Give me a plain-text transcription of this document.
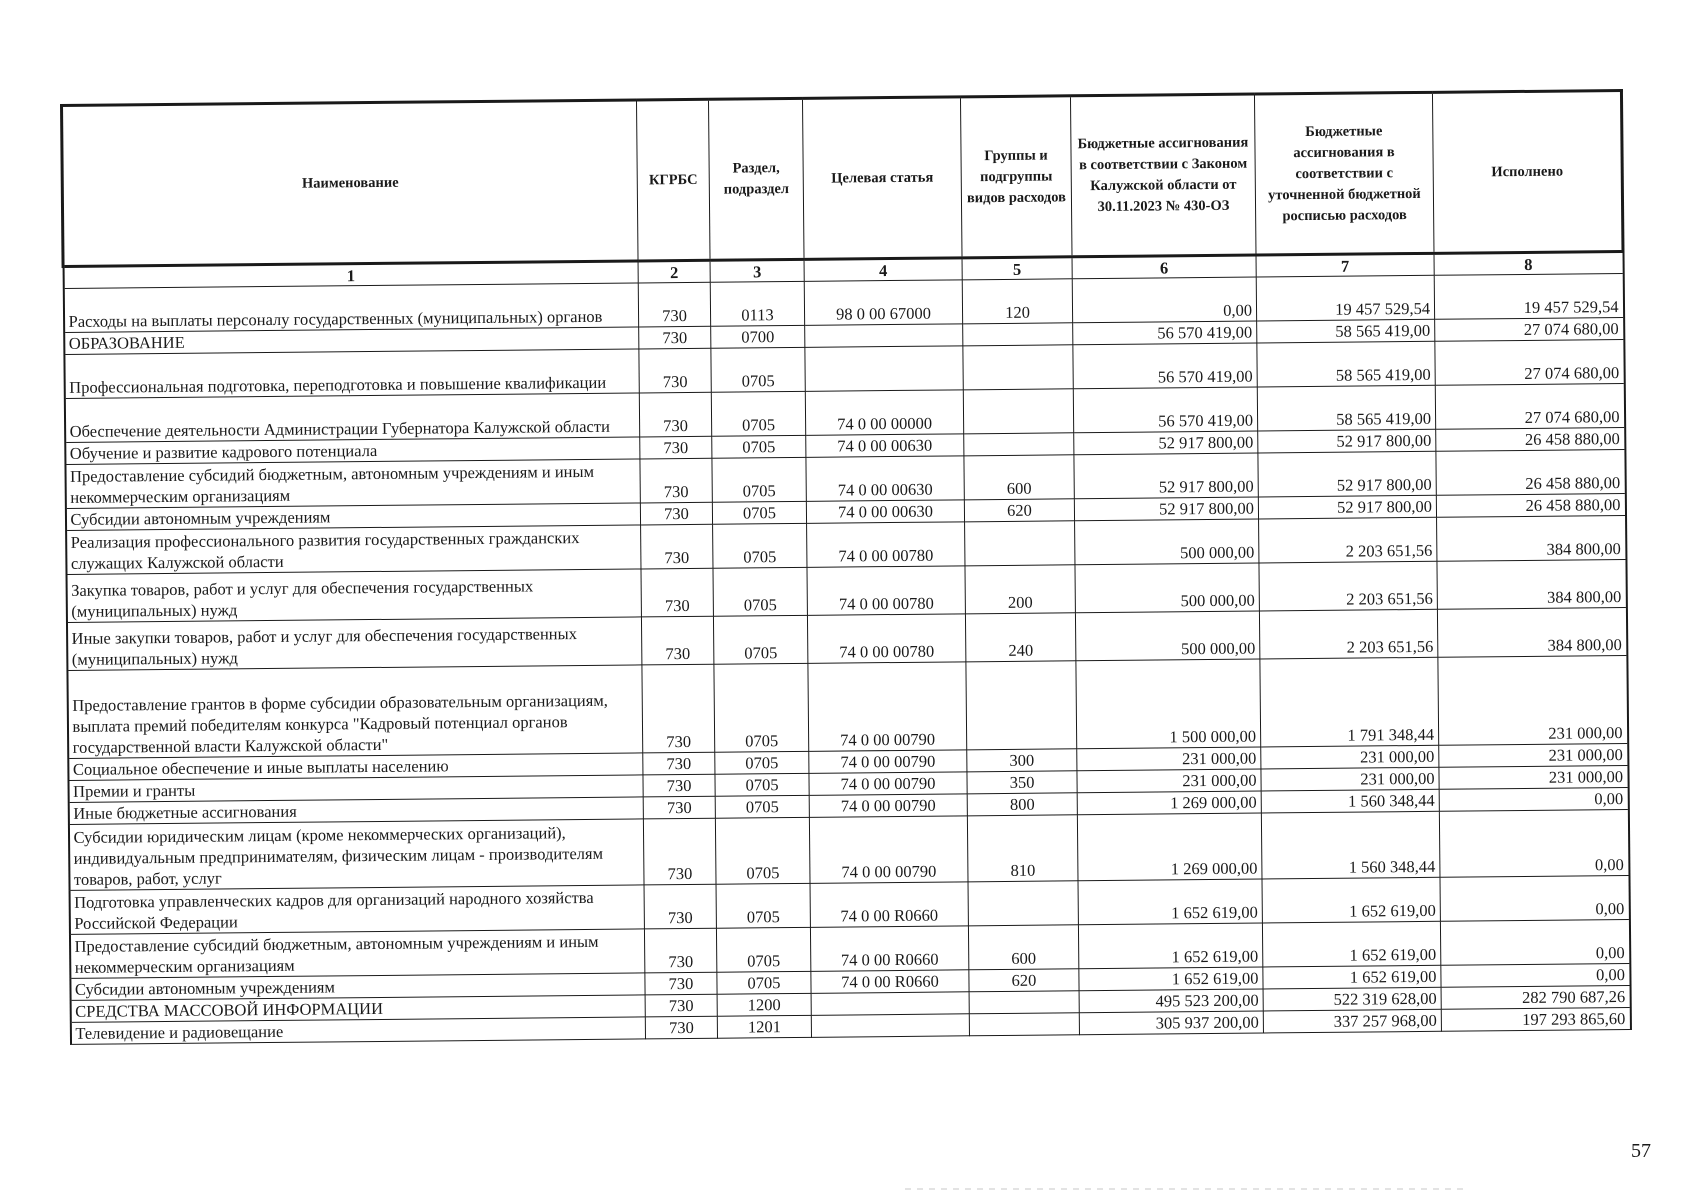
Наименование	КГРБС	Раздел, подраздел	Целевая статья	Группы и подгруппы видов расходов	Бюджетные ассигнования в соответствии с Законом Калужской области от 30.11.2023 № 430-ОЗ	Бюджетные ассигнования в соответствии с уточненной бюджетной росписью расходов	Исполнено
1	2	3	4	5	6	7	8
Расходы на выплаты персоналу государственных (муниципальных) органов	730	0113	98 0 00 67000	120	0,00	19 457 529,54	19 457 529,54
ОБРАЗОВАНИЕ	730	0700			56 570 419,00	58 565 419,00	27 074 680,00
Профессиональная подготовка, переподготовка и повышение квалификации	730	0705			56 570 419,00	58 565 419,00	27 074 680,00
Обеспечение деятельности Администрации Губернатора Калужской области	730	0705	74 0 00 00000		56 570 419,00	58 565 419,00	27 074 680,00
Обучение и развитие кадрового потенциала	730	0705	74 0 00 00630		52 917 800,00	52 917 800,00	26 458 880,00
Предоставление субсидий бюджетным, автономным учреждениям и иным некоммерческим организациям	730	0705	74 0 00 00630	600	52 917 800,00	52 917 800,00	26 458 880,00
Субсидии автономным учреждениям	730	0705	74 0 00 00630	620	52 917 800,00	52 917 800,00	26 458 880,00
Реализация профессионального развития государственных гражданских служащих Калужской области	730	0705	74 0 00 00780		500 000,00	2 203 651,56	384 800,00
Закупка товаров, работ и услуг для обеспечения государственных (муниципальных) нужд	730	0705	74 0 00 00780	200	500 000,00	2 203 651,56	384 800,00
Иные закупки товаров, работ и услуг для обеспечения государственных (муниципальных) нужд	730	0705	74 0 00 00780	240	500 000,00	2 203 651,56	384 800,00
Предоставление грантов в форме субсидии образовательным организациям, выплата премий победителям конкурса "Кадровый потенциал органов государственной власти Калужской области"	730	0705	74 0 00 00790		1 500 000,00	1 791 348,44	231 000,00
Социальное обеспечение и иные выплаты населению	730	0705	74 0 00 00790	300	231 000,00	231 000,00	231 000,00
Премии и гранты	730	0705	74 0 00 00790	350	231 000,00	231 000,00	231 000,00
Иные бюджетные ассигнования	730	0705	74 0 00 00790	800	1 269 000,00	1 560 348,44	0,00
Субсидии юридическим лицам (кроме некоммерческих организаций), индивидуальным предпринимателям, физическим лицам - производителям товаров, работ, услуг	730	0705	74 0 00 00790	810	1 269 000,00	1 560 348,44	0,00
Подготовка управленческих кадров для организаций народного хозяйства Российской Федерации	730	0705	74 0 00 R0660		1 652 619,00	1 652 619,00	0,00
Предоставление субсидий бюджетным, автономным учреждениям и иным некоммерческим организациям	730	0705	74 0 00 R0660	600	1 652 619,00	1 652 619,00	0,00
Субсидии автономным учреждениям	730	0705	74 0 00 R0660	620	1 652 619,00	1 652 619,00	0,00
СРЕДСТВА МАССОВОЙ ИНФОРМАЦИИ	730	1200			495 523 200,00	522 319 628,00	282 790 687,26
Телевидение и радиовещание	730	1201			305 937 200,00	337 257 968,00	197 293 865,60
57
